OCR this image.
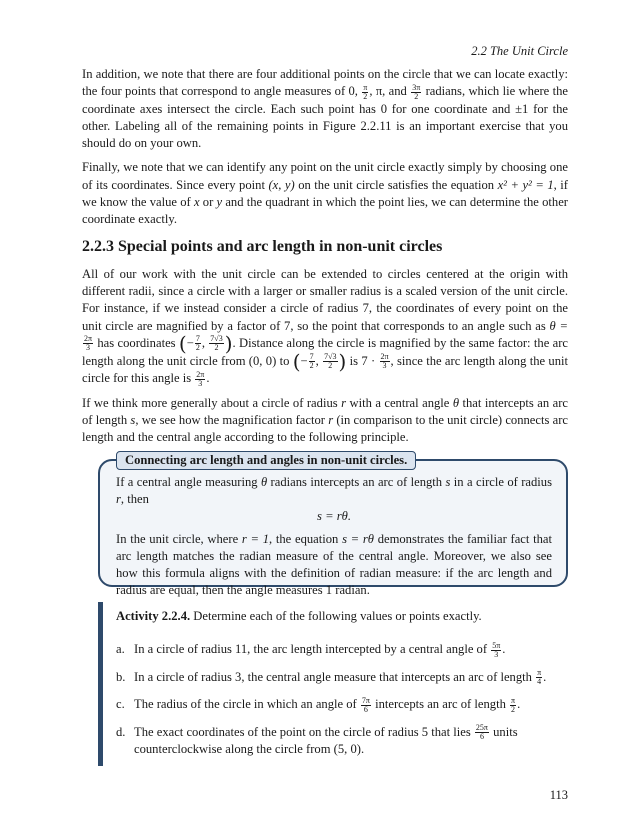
2.2 The Unit Circle

In addition, we note that there are four additional points on the circle that we can locate exactly: the four points that correspond to angle measures of 0, $\frac{\pi}{2}$ , π, and $\frac{3\pi}{2}$ radians, which lie where the coordinate axes intersect the circle. Each such point has 0 for one coordinate and ±1 for the other. Labeling all of the remaining points in Figure 2.2.11 is an important exercise that you should do on your own.

Finally, we note that we can identify any point on the unit circle exactly simply by choosing one of its coordinates. Since every point (x, y) on the unit circle satisfies the equation x² + y² = 1, if we know the value of x or y and the quadrant in which the point lies, we can determine the other coordinate exactly.

2.2.3 Special points and arc length in non-unit circles

All of our work with the unit circle can be extended to circles centered at the origin with different radii, since a circle with a larger or smaller radius is a scaled version of the unit circle. For instance, if we instead consider a circle of radius 7, the coordinates of every point on the unit circle are magnified by a factor of 7, so the point that corresponds to an angle such as θ =
$\frac{2\pi}{3}$ has coordinates (− $\frac{7}{2}$ , $\frac{7√3}{2}$ ). Distance along the circle is magnified by the same factor: the arc length along the unit circle from (0, 0) to (− $\frac{7}{2}$ , $\frac{7√3}{2}$ ) is $7 \cdot \frac{2\pi}{3}$ , since the arc length along the unit circle for this angle is $\frac{2\pi}{3}$ .

If we think more generally about a circle of radius r with a central angle θ that intercepts an arc of length s, we see how the magnification factor r (in comparison to the unit circle) connects arc length and the central angle according to the following principle.

Connecting arc length and angles in non-unit circles.

If a central angle measuring θ radians intercepts an arc of length s in a circle of radius r, then

s = rθ.

In the unit circle, where r = 1, the equation s = rθ demonstrates the familiar fact that arc length matches the radian measure of the central angle. Moreover, we also see how this formula aligns with the definition of radian measure: if the arc length and radius are equal, then the angle measures 1 radian.

Activity 2.2.4. Determine each of the following values or points exactly.

a. In a circle of radius 11, the arc length intercepted by a central angle of $\frac{5\pi}{3}$ .
b. In a circle of radius 3, the central angle measure that intercepts an arc of length $\frac{\pi}{4}$ .
c. The radius of the circle in which an angle of $\frac{7\pi}{6}$ intercepts an arc of length $\frac{\pi}{2}$ .
d. The exact coordinates of the point on the circle of radius 5 that lies $\frac{25\pi}{6}$ units counterclockwise along the circle from (5, 0).
113
